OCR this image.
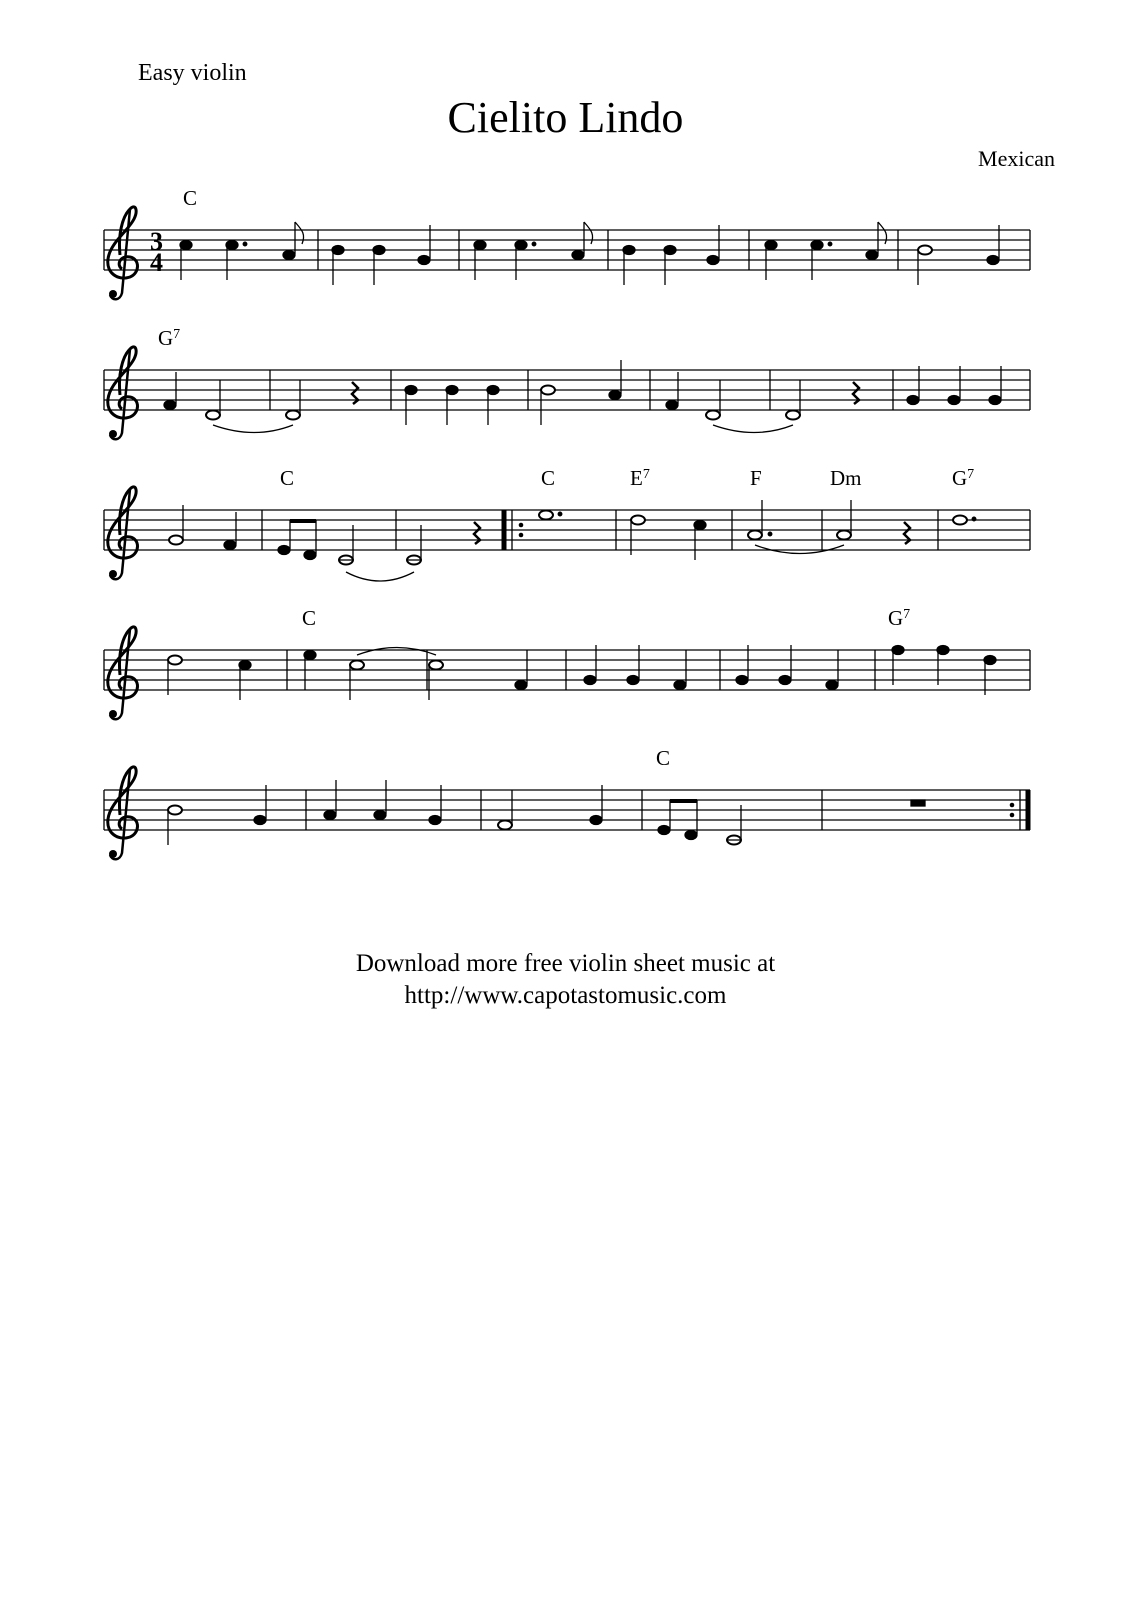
Easy violin
Cielito Lindo
Mexican
3
4
C
$G^7$
C	C	$E^7$	F	Dm	$G^7$
C	$G^7$
C
Download more free violin sheet music at
http://www.capotastomusic.com
